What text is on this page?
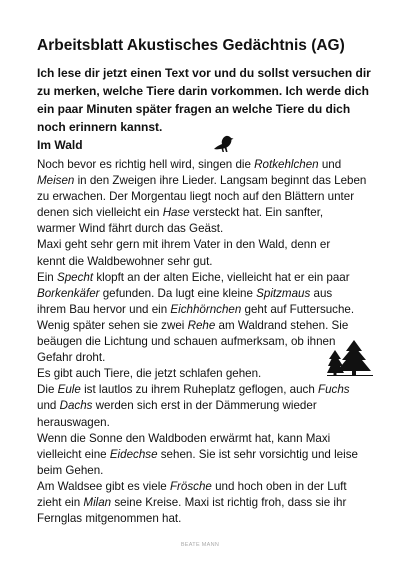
Arbeitsblatt Akustisches Gedächtnis (AG)
Ich lese dir jetzt einen Text vor und du sollst versuchen dir zu merken, welche Tiere darin vorkommen. Ich werde dich ein paar Minuten später fragen an welche Tiere du dich noch erinnern kannst.
Im Wald
Noch bevor es richtig hell wird, singen die Rotkehlchen und
Meisen in den Zweigen ihre Lieder. Langsam beginnt das Leben
zu erwachen. Der Morgentau liegt noch auf den Blättern unter
denen sich vielleicht ein Hase versteckt hat. Ein sanfter,
warmer Wind fährt durch das Geäst.
Maxi geht sehr gern mit ihrem Vater in den Wald, denn er
kennt die Waldbewohner sehr gut.
Ein Specht klopft an der alten Eiche, vielleicht hat er ein paar
Borkenkäfer gefunden. Da lugt eine kleine Spitzmaus aus
ihrem Bau hervor und ein Eichhörnchen geht auf Futtersuche.
Wenig später sehen sie zwei Rehe am Waldrand stehen. Sie
beäugen die Lichtung und schauen aufmerksam, ob ihnen
Gefahr droht.
Es gibt auch Tiere, die jetzt schlafen gehen.
Die Eule ist lautlos zu ihrem Ruheplatz geflogen, auch Fuchs
und Dachs werden sich erst in der Dämmerung wieder
herauswagen.
Wenn die Sonne den Waldboden erwärmt hat, kann Maxi
vielleicht eine Eidechse sehen. Sie ist sehr vorsichtig und leise
beim Gehen.
Am Waldsee gibt es viele Frösche und hoch oben in der Luft
zieht ein Milan seine Kreise. Maxi ist richtig froh, dass sie ihr
Fernglas mitgenommen hat.
BEATE MANN
